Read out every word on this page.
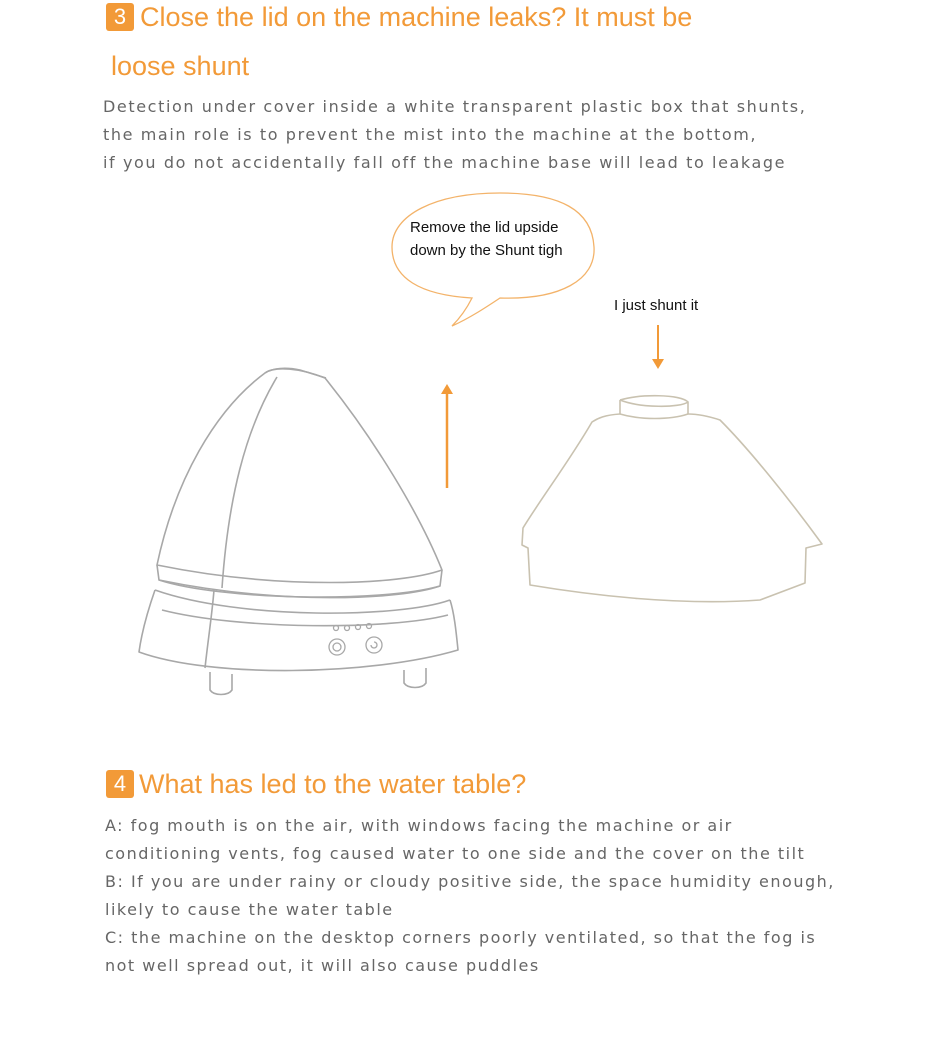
3 Close the lid on the machine leaks? It must be
loose shunt
Detection under cover inside a white transparent plastic box that shunts,
the main role is to prevent the mist into the machine at the bottom,
if you do not accidentally fall off the machine base will lead to leakage
Remove the lid upside
down by the Shunt tigh
I just shunt it
4 What has led to the water table?
A: fog mouth is on the air, with windows facing the machine or air
conditioning vents, fog caused water to one side and the cover on the tilt
B: If you are under rainy or cloudy positive side, the space humidity enough,
likely to cause the water table
C: the machine on the desktop corners poorly ventilated, so that the fog is
not well spread out, it will also cause puddles
